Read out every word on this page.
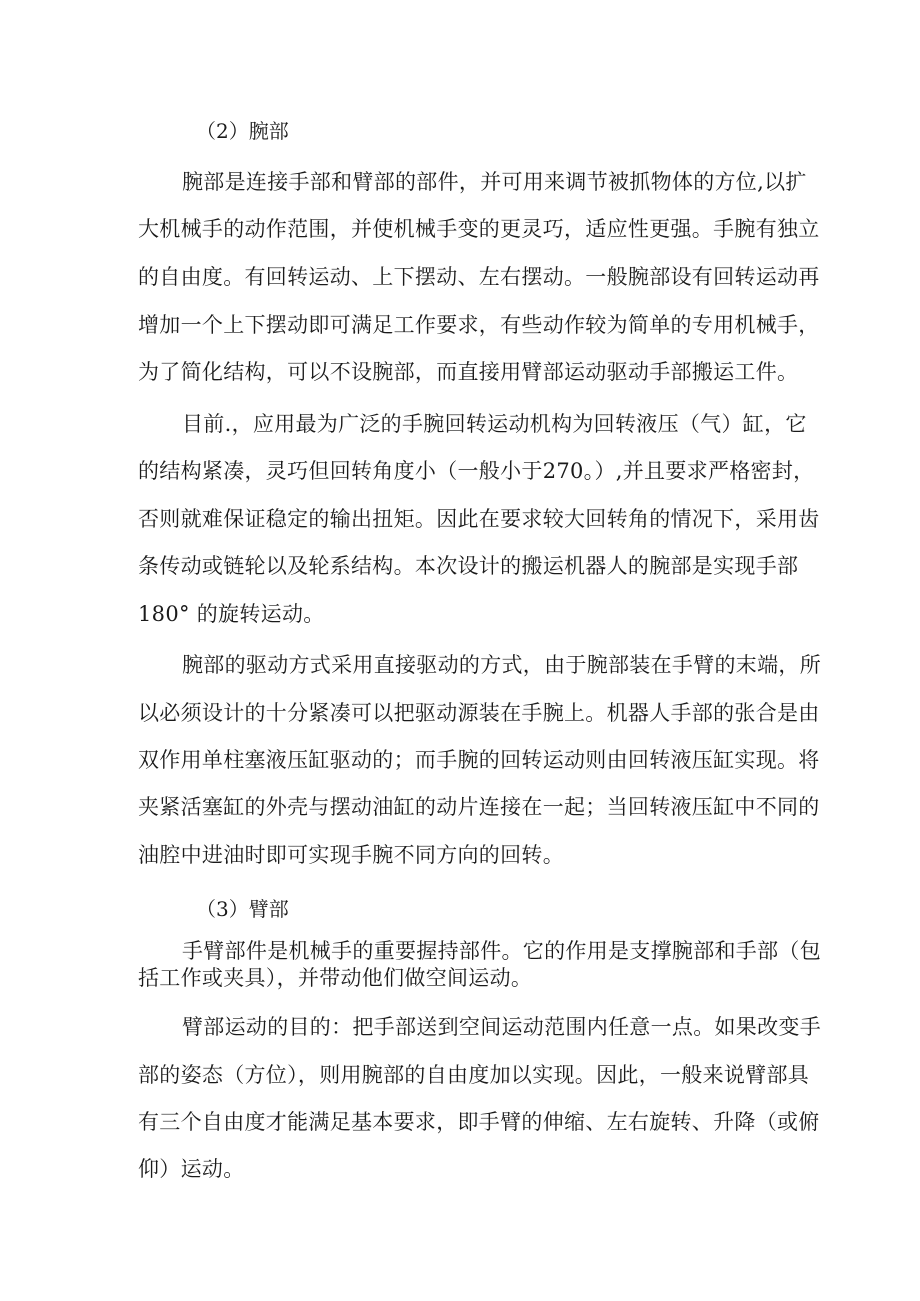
（2）腕部
腕部是连接手部和臂部的部件，并可用来调节被抓物体的方位,以扩
大机械手的动作范围，并使机械手变的更灵巧，适应性更强。手腕有独立
的自由度。有回转运动、上下摆动、左右摆动。一般腕部设有回转运动再
增加一个上下摆动即可满足工作要求，有些动作较为简单的专用机械手，
为了简化结构，可以不设腕部，而直接用臂部运动驱动手部搬运工件。
目前.，应用最为广泛的手腕回转运动机构为回转液压（气）缸，它
的结构紧凑，灵巧但回转角度小（一般小于270。）,并且要求严格密封，
否则就难保证稳定的输出扭矩。因此在要求较大回转角的情况下，采用齿
条传动或链轮以及轮系结构。本次设计的搬运机器人的腕部是实现手部
180° 的旋转运动。
腕部的驱动方式采用直接驱动的方式，由于腕部装在手臂的末端，所
以必须设计的十分紧凑可以把驱动源装在手腕上。机器人手部的张合是由
双作用单柱塞液压缸驱动的；而手腕的回转运动则由回转液压缸实现。将
夹紧活塞缸的外壳与摆动油缸的动片连接在一起；当回转液压缸中不同的
油腔中进油时即可实现手腕不同方向的回转。
（3）臂部
手臂部件是机械手的重要握持部件。它的作用是支撑腕部和手部（包
括工作或夹具），并带动他们做空间运动。
臂部运动的目的：把手部送到空间运动范围内任意一点。如果改变手
部的姿态（方位），则用腕部的自由度加以实现。因此，一般来说臂部具
有三个自由度才能满足基本要求，即手臂的伸缩、左右旋转、升降（或俯
仰）运动。
